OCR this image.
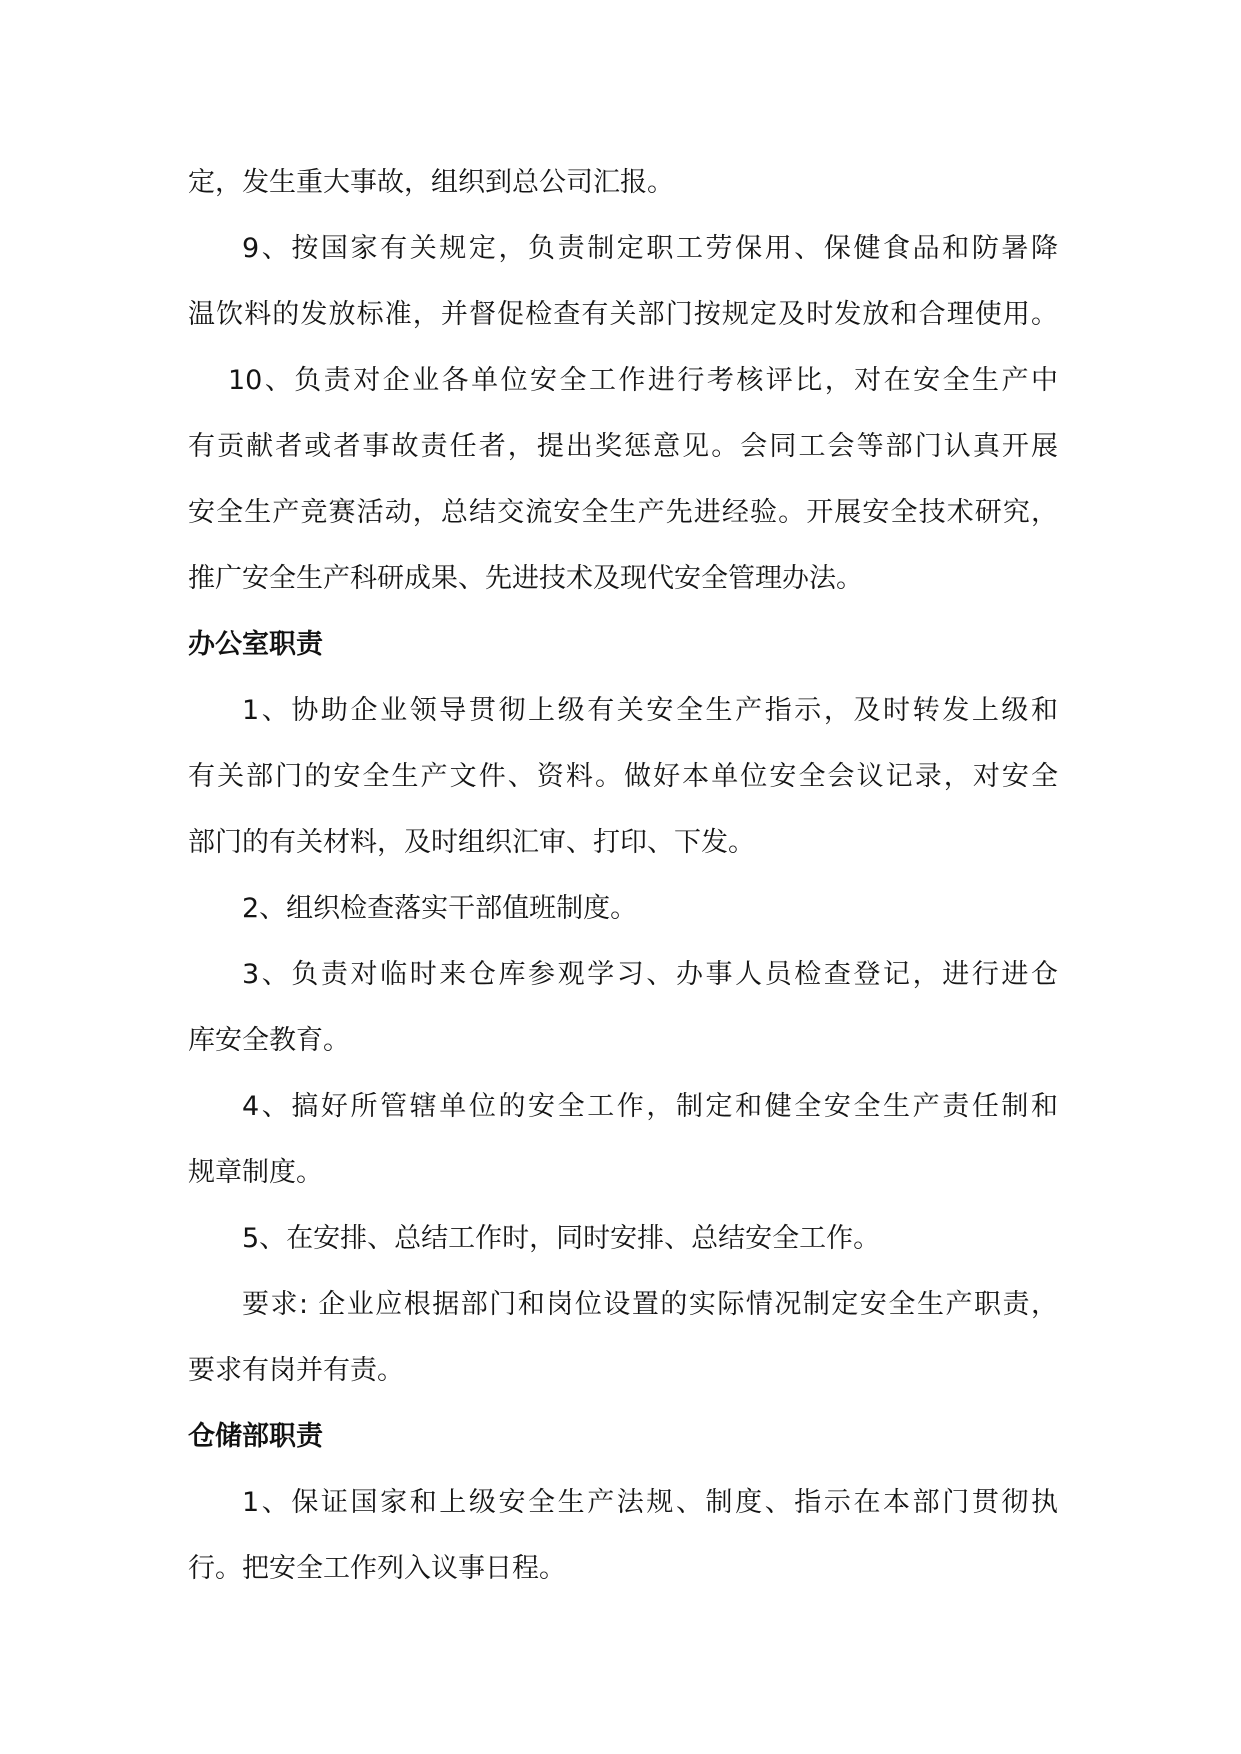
定，发生重大事故，组织到总公司汇报。
9、按国家有关规定，负责制定职工劳保用、保健食品和防暑降
温饮料的发放标准，并督促检查有关部门按规定及时发放和合理使用。
10、负责对企业各单位安全工作进行考核评比，对在安全生产中
有贡献者或者事故责任者，提出奖惩意见。会同工会等部门认真开展
安全生产竞赛活动，总结交流安全生产先进经验。开展安全技术研究，
推广安全生产科研成果、先进技术及现代安全管理办法。
办公室职责
1、协助企业领导贯彻上级有关安全生产指示，及时转发上级和
有关部门的安全生产文件、资料。做好本单位安全会议记录，对安全
部门的有关材料，及时组织汇审、打印、下发。
2、组织检查落实干部值班制度。
3、负责对临时来仓库参观学习、办事人员检查登记，进行进仓
库安全教育。
4、搞好所管辖单位的安全工作，制定和健全安全生产责任制和
规章制度。
5、在安排、总结工作时，同时安排、总结安全工作。
要求: 企业应根据部门和岗位设置的实际情况制定安全生产职责，
要求有岗并有责。
仓储部职责
1、保证国家和上级安全生产法规、制度、指示在本部门贯彻执
行。把安全工作列入议事日程。
